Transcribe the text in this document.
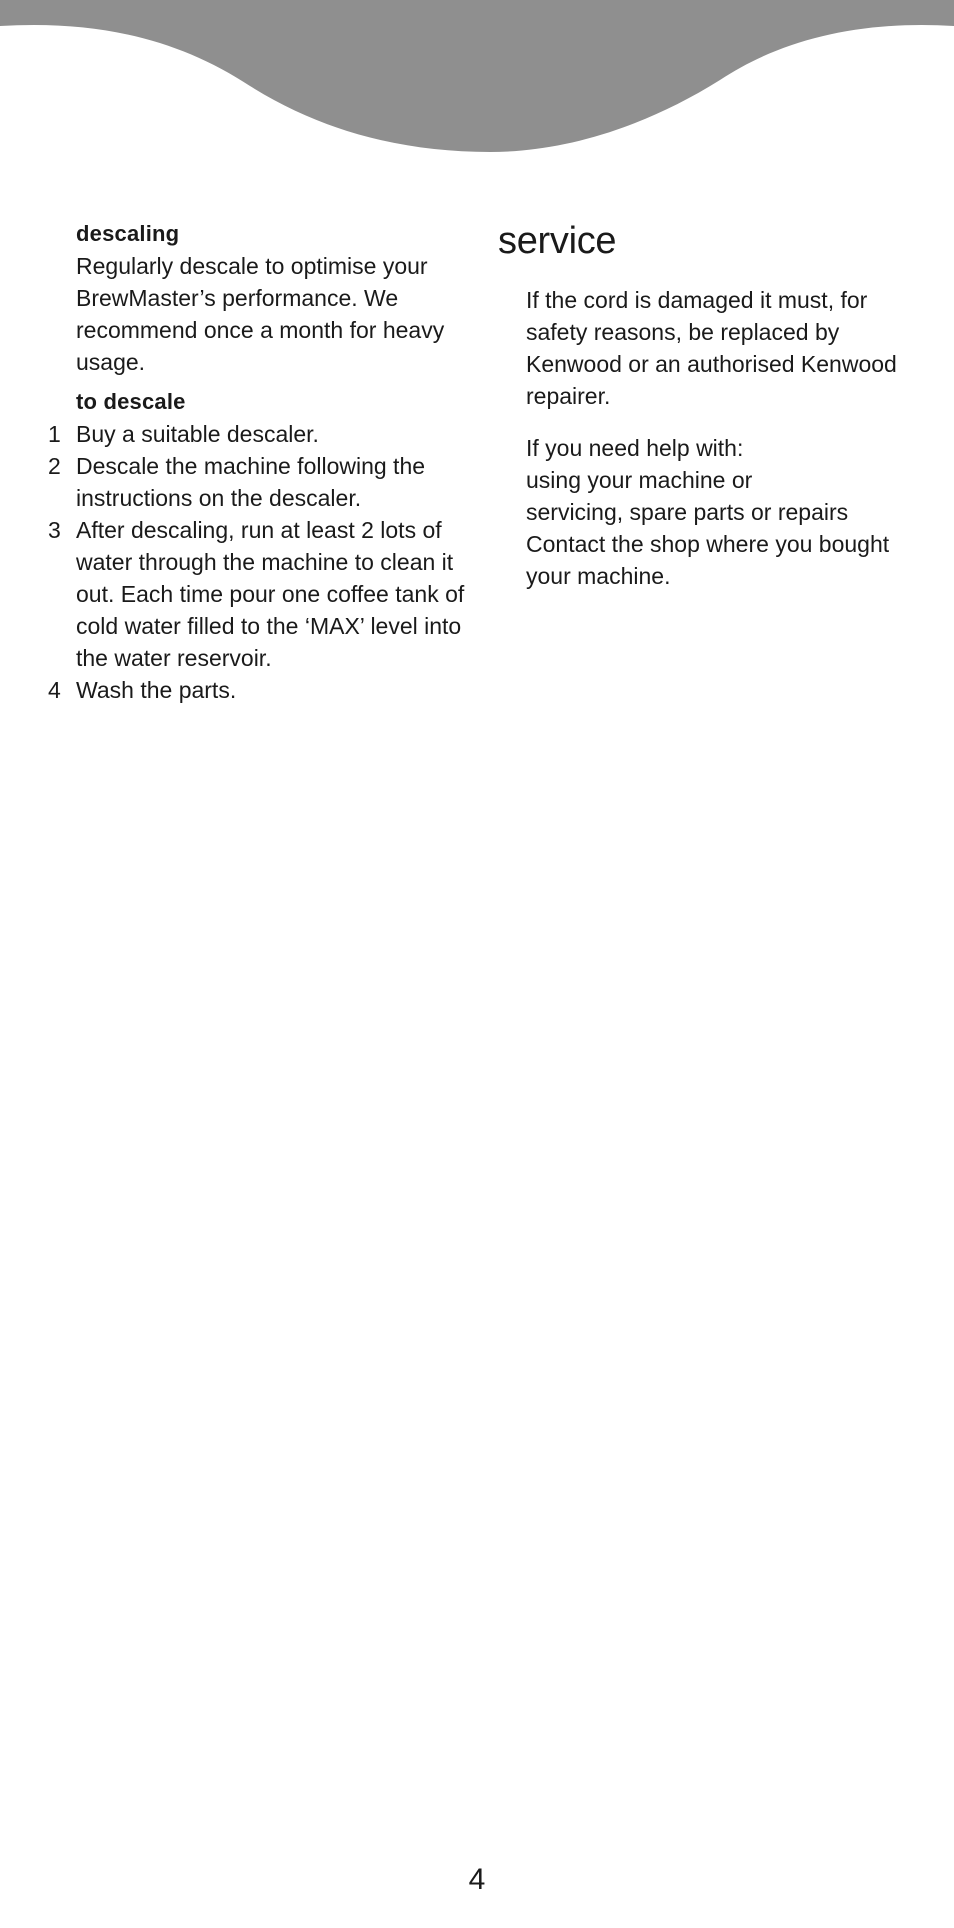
descaling

Regularly descale to optimise your BrewMaster’s performance. We recommend once a month for heavy usage.

to descale
1 Buy a suitable descaler.
2 Descale the machine following the instructions on the descaler.
3 After descaling, run at least 2 lots of water through the machine to clean it out. Each time pour one coffee tank of cold water filled to the ‘MAX’ level into the water reservoir.
4 Wash the parts.
service

If the cord is damaged it must, for safety reasons, be replaced by Kenwood or an authorised Kenwood repairer.

If you need help with:
using your machine or
servicing, spare parts or repairs
Contact the shop where you bought your machine.

4
